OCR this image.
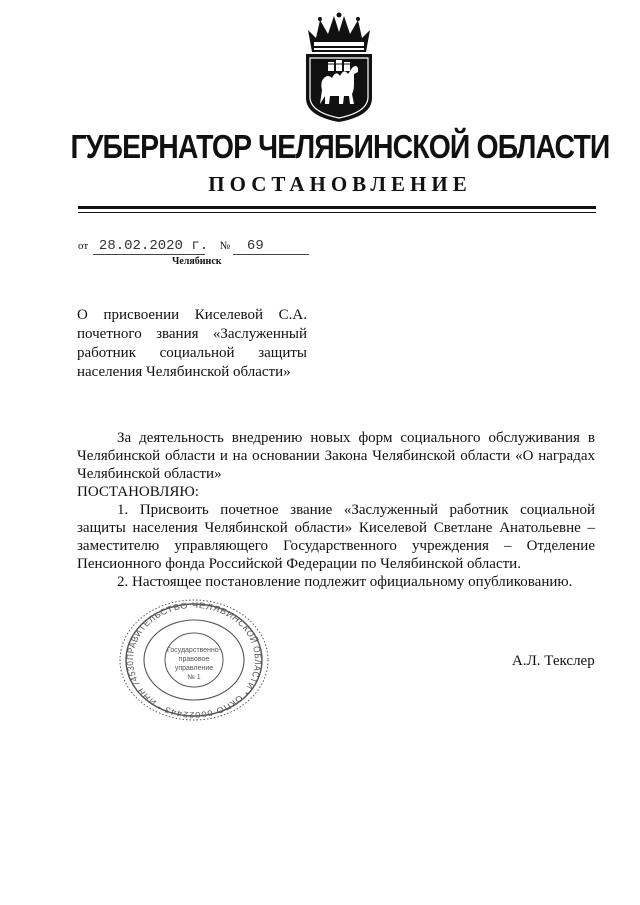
ГУБЕРНАТОР ЧЕЛЯБИНСКОЙ ОБЛАСТИ
ПОСТАНОВЛЕНИЕ
от 28.02.2020 г. № 69
Челябинск
О присвоении Киселевой С.А.
почетного звания «Заслуженный
работник социальной защиты
населения Челябинской области»

За деятельность внедрению новых форм социального обслуживания в Челябинской области и на основании Закона Челябинской области «О наградах Челябинской области»

ПОСТАНОВЛЯЮ:

1. Присвоить почетное звание «Заслуженный работник социальной защиты населения Челябинской области» Киселевой Светлане Анатольевне – заместителю управляющего Государственного учреждения – Отделение Пенсионного фонда Российской Федерации по Челябинской области.

2. Настоящее постановление подлежит официальному опубликованию.

ПРАВИТЕЛЬСТВО ЧЕЛЯБИНСКОЙ ОБЛАСТИ * ОКПО 00022443 * ИНН 74530
Государственно-
правовое
управление
№ 1
А.Л. Текслер
